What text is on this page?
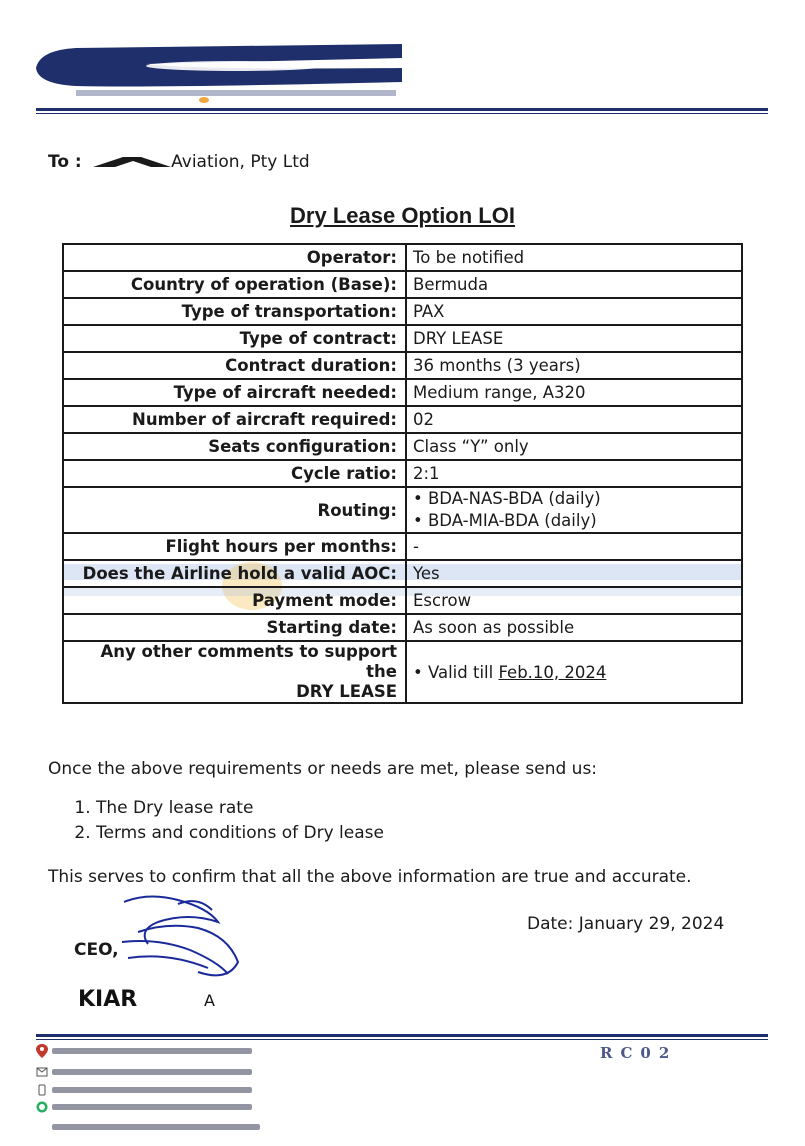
To :	Aviation, Pty Ltd
Dry Lease Option LOI
Operator:	To be notified
Country of operation (Base):	Bermuda
Type of transportation:	PAX
Type of contract:	DRY LEASE
Contract duration:	36 months (3 years)
Type of aircraft needed:	Medium range, A320
Number of aircraft required:	02
Seats configuration:	Class “Y” only
Cycle ratio:	2:1
Routing:	• BDA-NAS-BDA (daily)
• BDA-MIA-BDA (daily)

Flight hours per months:	-
Does the Airline hold a valid AOC:	Yes
Payment mode:	Escrow
Starting date:	As soon as possible
Any other comments to support the
DRY LEASE	• Valid till Feb.10, 2024
Once the above requirements or needs are met, please send us:
1. The Dry lease rate
2. Terms and conditions of Dry lease
This serves to confirm that all the above information are true and accurate.
Date: January 29, 2024
CEO,
KIAR	A
RC02
